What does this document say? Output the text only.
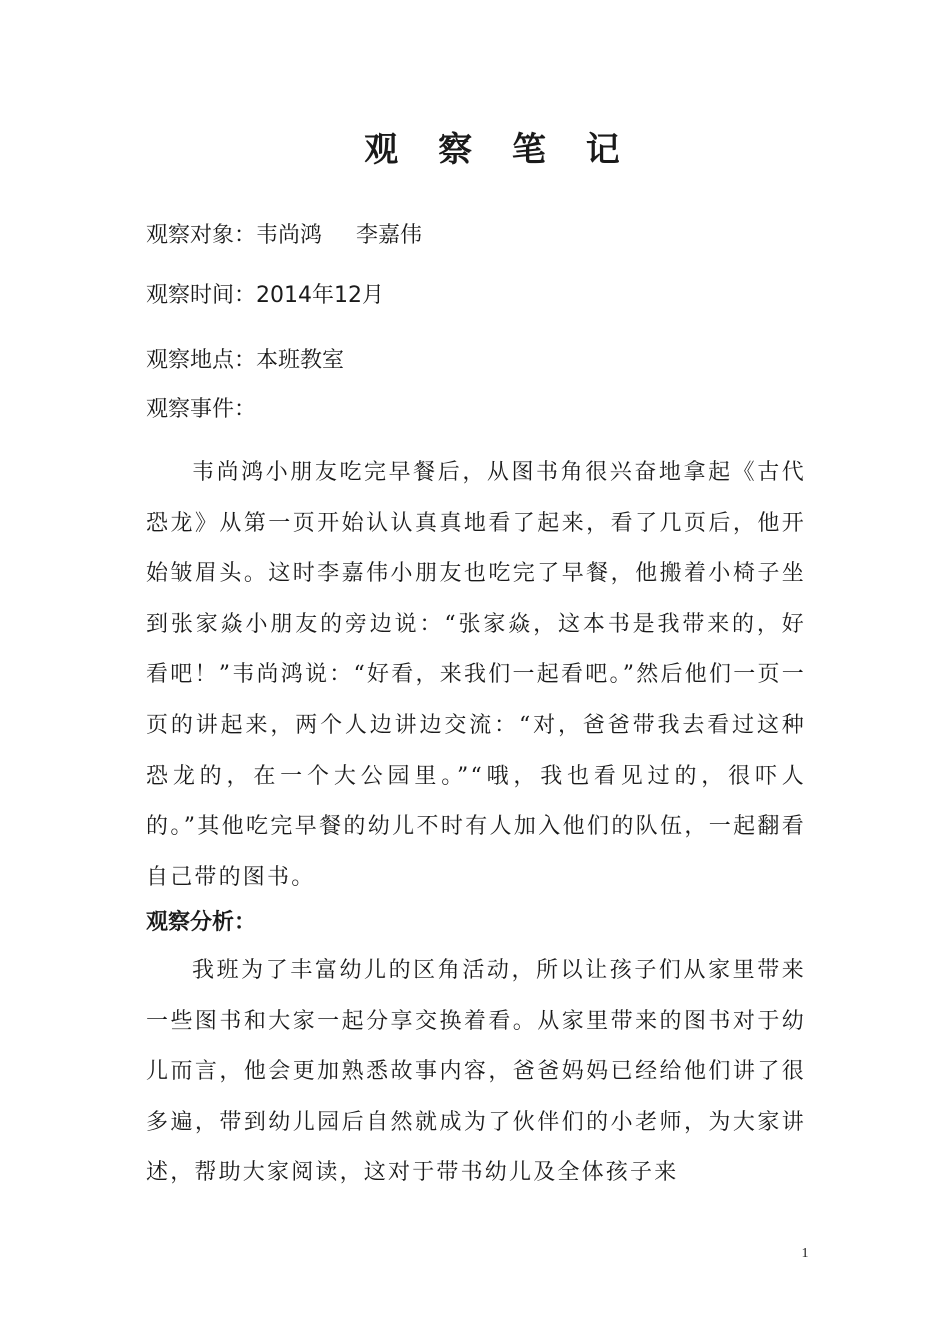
观 察 笔 记
观察对象：韦尚鸿 李嘉伟
观察时间：2014年12月
观察地点：本班教室
观察事件：

韦尚鸿小朋友吃完早餐后，从图书角很兴奋地拿起《古代恐龙》从第一页开始认认真真地看了起来，看了几页后，他开始皱眉头。这时李嘉伟小朋友也吃完了早餐，他搬着小椅子坐到张家焱小朋友的旁边说：“张家焱，这本书是我带来的，好看吧！”韦尚鸿说：“好看，来我们一起看吧。”然后他们一页一页的讲起来，两个人边讲边交流：“对，爸爸带我去看过这种恐龙的，在一个大公园里。”“哦，我也看见过的，很吓人的。”其他吃完早餐的幼儿不时有人加入他们的队伍，一起翻看自己带的图书。

观察分析：

我班为了丰富幼儿的区角活动，所以让孩子们从家里带来一些图书和大家一起分享交换着看。从家里带来的图书对于幼儿而言，他会更加熟悉故事内容，爸爸妈妈已经给他们讲了很多遍，带到幼儿园后自然就成为了伙伴们的小老师，为大家讲述，帮助大家阅读，这对于带书幼儿及全体孩子来

1
